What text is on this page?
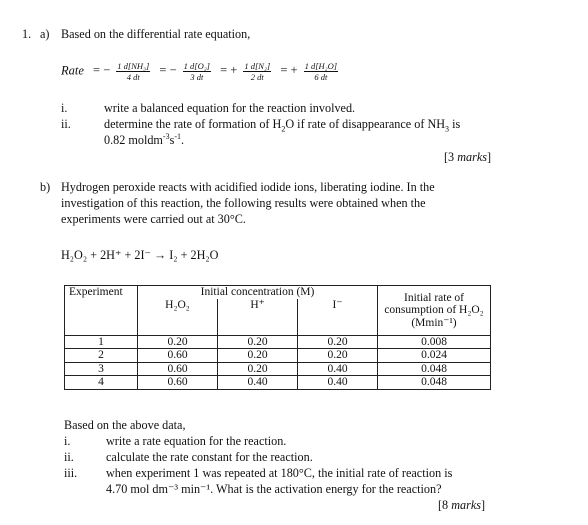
1. a) Based on the differential rate equation,
Rate = − $\frac{\text{1 d[NH₃]}}{4 dt}$ = − $\frac{\text{1 d[O₂]}}{3 dt}$ = + $\frac{\text{1 d[N₂]}}{2 dt}$ = + $\frac{\text{1 d[H₂O]}}{6 dt}$
i.	write a balanced equation for the reaction involved.
ii.	determine the rate of formation of $H_2O$ if rate of disappearance of $NH_3$ is
0.82 $moldm^{-3}s^{-1}$.
[3 marks]
b) Hydrogen peroxide reacts with acidified iodide ions, liberating iodine. In the
investigation of this reaction, the following results were obtained when the
experiments were carried out at 30°C.
H₂O₂ + 2H⁺ + 2I⁻ → I₂ + 2H₂O
Experiment	Initial concentration (M)			Initial rate of
consumption of H₂O₂
(Mmin⁻¹)

	H₂O₂	H⁺	I⁻	
1	0.20	0.20	0.20	0.008
2	0.60	0.20	0.20	0.024
3	0.60	0.20	0.40	0.048
4	0.60	0.40	0.40	0.048
Based on the above data,
i.	write a rate equation for the reaction.
ii.	calculate the rate constant for the reaction.
iii. when experiment 1 was repeated at 180°C, the initial rate of reaction is
4.70 mol dm⁻³ min⁻¹. What is the activation energy for the reaction?
[8 marks]
